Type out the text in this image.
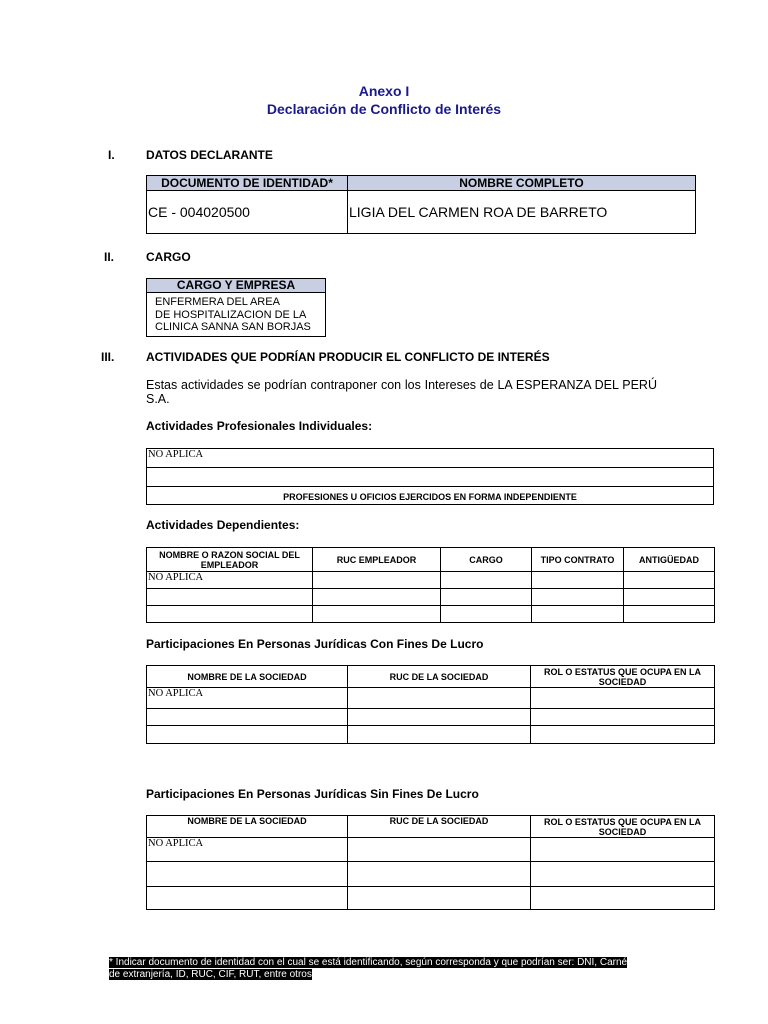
Anexo I
Declaración de Conflicto de Interés
I.	DATOS DECLARANTE
DOCUMENTO DE IDENTIDAD*	NOMBRE COMPLETO
CE - 004020500	LIGIA DEL CARMEN ROA DE BARRETO
II.	CARGO
CARGO Y EMPRESA

ENFERMERA DEL AREA
DE HOSPITALIZACION DE LA
CLINICA SANNA SAN BORJAS
III.	ACTIVIDADES QUE PODRÍAN PRODUCIR EL CONFLICTO DE INTERÉS
Estas actividades se podrían contraponer con los Intereses de LA ESPERANZA DEL PERÚ S.A.
Actividades Profesionales Individuales:
NO APLICA

PROFESIONES U OFICIOS EJERCIDOS EN FORMA INDEPENDIENTE
Actividades Dependientes:
NOMBRE O RAZON SOCIAL DEL EMPLEADOR	RUC EMPLEADOR	CARGO	TIPO CONTRATO	ANTIGÜEDAD
NO APLICA				

Participaciones En Personas Jurídicas Con Fines De Lucro
NOMBRE DE LA SOCIEDAD	RUC DE LA SOCIEDAD	ROL O ESTATUS QUE OCUPA EN LA SOCIEDAD
NO APLICA		

Participaciones En Personas Jurídicas Sin Fines De Lucro
NOMBRE DE LA SOCIEDAD	RUC DE LA SOCIEDAD	ROL O ESTATUS QUE OCUPA EN LA SOCIEDAD
NO APLICA		

* Indicar documento de identidad con el cual se está identificando, según corresponda y que podrían ser: DNI, Carné
de extranjería, ID, RUC, CIF, RUT, entre otros
